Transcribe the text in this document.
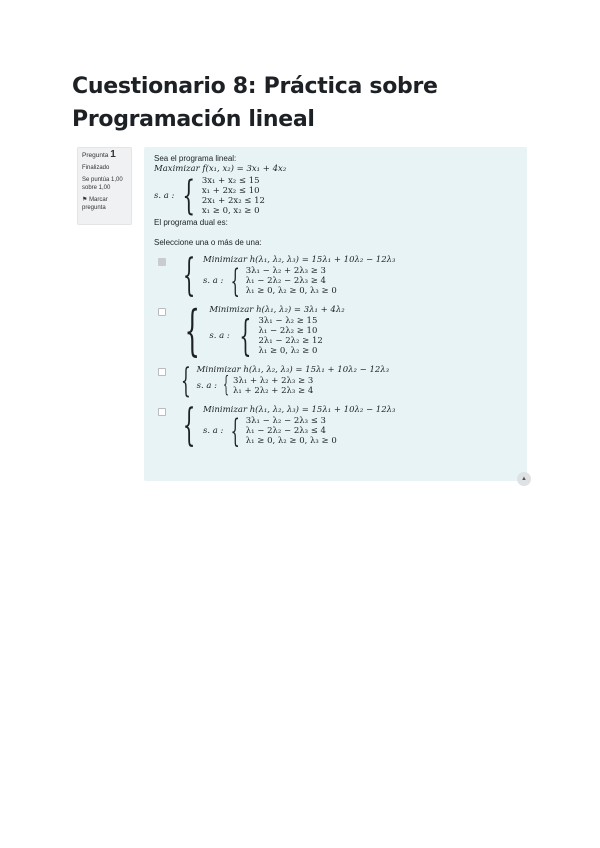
Cuestionario 8: Práctica sobre Programación lineal
Pregunta 1
Finalizado
Se puntúa 1,00 sobre 1,00
⚑ Marcar pregunta
Sea el programa lineal:
Maximizar f(x₁, x₂) = 3x₁ + 4x₂
s. a : { 3x₁ + x₂ ≤ 15
x₁ + 2x₂ ≤ 10
2x₁ + 2x₂ ≤ 12
x₁ ≥ 0, x₂ ≥ 0
El programa dual es:
Seleccione una o más de una:
{ Minimizar h(λ₁, λ₂, λ₃) = 15λ₁ + 10λ₂ − 12λ₃
s. a : { 3λ₁ − λ₂ + 2λ₃ ≥ 3
λ₁ − 2λ₂ − 2λ₃ ≥ 4
λ₁ ≥ 0, λ₂ ≥ 0, λ₃ ≥ 0
{ Minimizar h(λ₁, λ₂) = 3λ₁ + 4λ₂
s. a : { 3λ₁ − λ₂ ≥ 15
λ₁ − 2λ₂ ≥ 10
2λ₁ − 2λ₂ ≥ 12
λ₁ ≥ 0, λ₂ ≥ 0
{ Minimizar h(λ₁, λ₂, λ₃) = 15λ₁ + 10λ₂ − 12λ₃
s. a : { 3λ₁ + λ₂ + 2λ₃ ≥ 3
λ₁ + 2λ₂ + 2λ₃ ≥ 4
{ Minimizar h(λ₁, λ₂, λ₃) = 15λ₁ + 10λ₂ − 12λ₃
s. a : { 3λ₁ − λ₂ − 2λ₃ ≤ 3
λ₁ − 2λ₂ − 2λ₃ ≤ 4
λ₁ ≥ 0, λ₂ ≥ 0, λ₃ ≥ 0
▲
